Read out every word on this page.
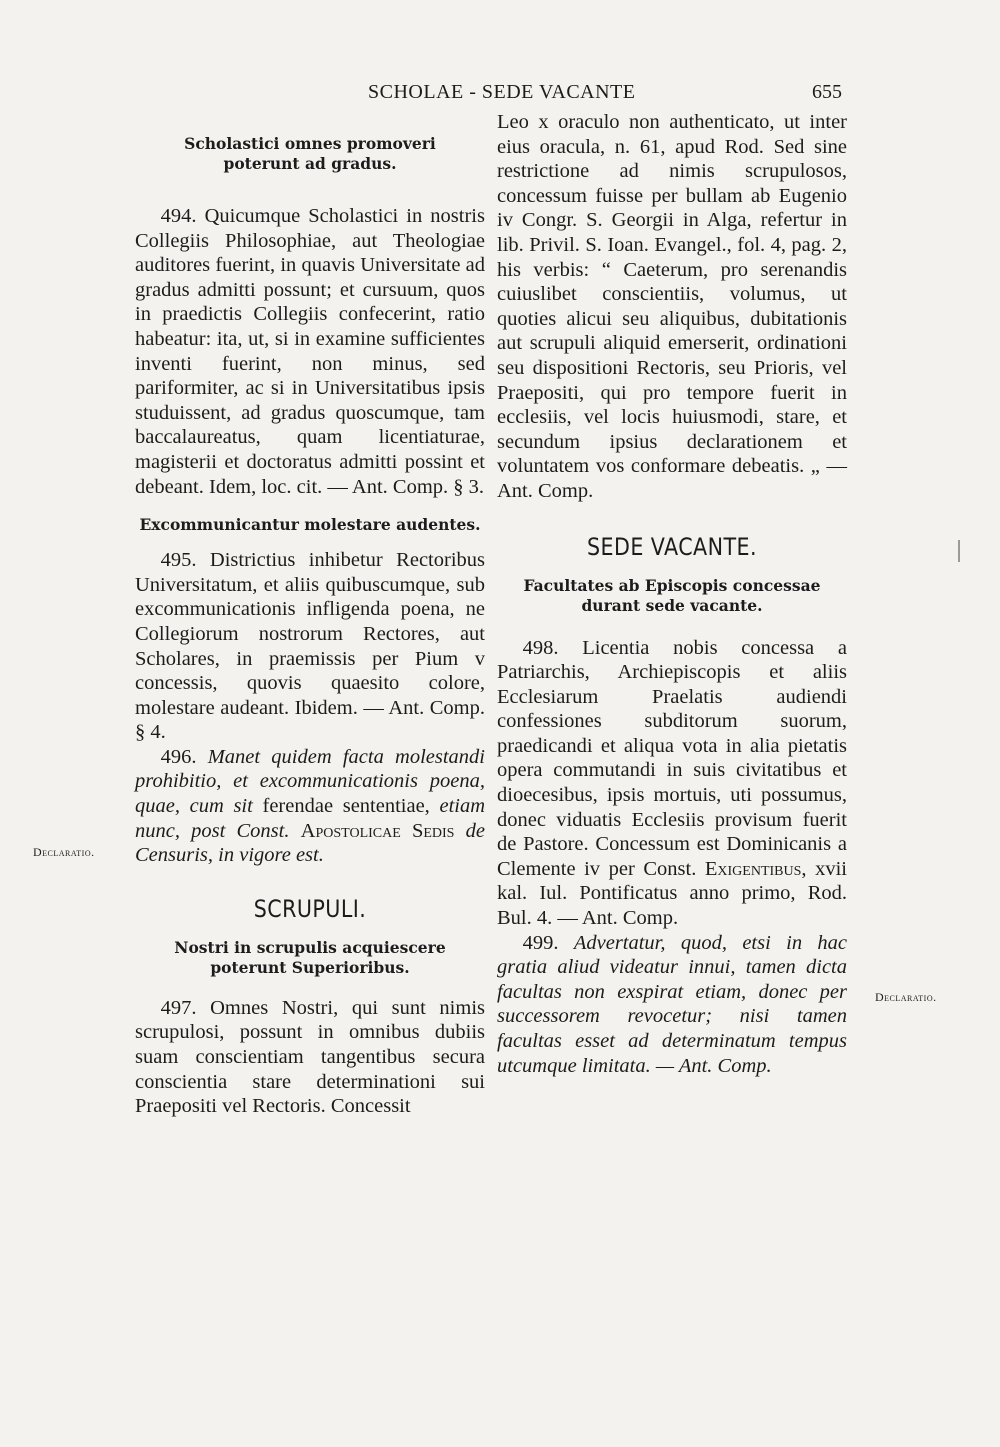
SCHOLAE - SEDE VACANTE	655
Declaratio.
Declaratio.

Scholastici omnes promoveri poterunt ad gradus.

494. Quicumque Scholastici in nostris Collegiis Philosophiae, aut Theologiae auditores fuerint, in quavis Universitate ad gradus admitti possunt; et cursuum, quos in praedictis Collegiis confecerint, ratio habeatur: ita, ut, si in examine sufficientes inventi fuerint, non minus, sed pariformiter, ac si in Universitatibus ipsis studuissent, ad gradus quoscumque, tam baccalaureatus, quam licentiaturae, magisterii et doctoratus admitti possint et debeant. Idem, loc. cit. — Ant. Comp. § 3.

Excommunicantur molestare audentes.

495. Districtius inhibetur Rectoribus Universitatum, et aliis quibuscumque, sub excommunicationis infligenda poena, ne Collegiorum nostrorum Rectores, aut Scholares, in praemissis per Pium v concessis, quovis quaesito colore, molestare audeant. Ibidem. — Ant. Comp. § 4.

496. Manet quidem facta molestandi prohibitio, et excommunicationis poena, quae, cum sit ferendae sententiae, etiam nunc, post Const. Apostolicae Sedis de Censuris, in vigore est.

SCRUPULI.

Nostri in scrupulis acquiescere poterunt Superioribus.

497. Omnes Nostri, qui sunt nimis scrupulosi, possunt in omnibus dubiis suam conscientiam tangentibus secura conscientia stare determinationi sui Praepositi vel Rectoris. Concessit

Leo x oraculo non authenticato, ut inter eius oracula, n. 61, apud Rod. Sed sine restrictione ad nimis scrupulosos, concessum fuisse per bullam ab Eugenio iv Congr. S. Georgii in Alga, refertur in lib. Privil. S. Ioan. Evangel., fol. 4, pag. 2, his verbis: “ Caeterum, pro serenandis cuiuslibet conscientiis, volumus, ut quoties alicui seu aliquibus, dubitationis aut scrupuli aliquid emerserit, ordinationi seu dispositioni Rectoris, seu Prioris, vel Praepositi, qui pro tempore fuerit in ecclesiis, vel locis huiusmodi, stare, et secundum ipsius declarationem et voluntatem vos conformare debeatis. „ — Ant. Comp.

SEDE VACANTE.

Facultates ab Episcopis concessae durant sede vacante.

498. Licentia nobis concessa a Patriarchis, Archiepiscopis et aliis Ecclesiarum Praelatis audiendi confessiones subditorum suorum, praedicandi et aliqua vota in alia pietatis opera commutandi in suis civitatibus et dioecesibus, ipsis mortuis, uti possumus, donec viduatis Ecclesiis provisum fuerit de Pastore. Concessum est Dominicanis a Clemente iv per Const. Exigentibus, xvii kal. Iul. Pontificatus anno primo, Rod. Bul. 4. — Ant. Comp.

499. Advertatur, quod, etsi in hac gratia aliud videatur innui, tamen dicta facultas non exspirat etiam, donec per successorem revocetur; nisi tamen facultas esset ad determinatum tempus utcumque limitata. — Ant. Comp.
